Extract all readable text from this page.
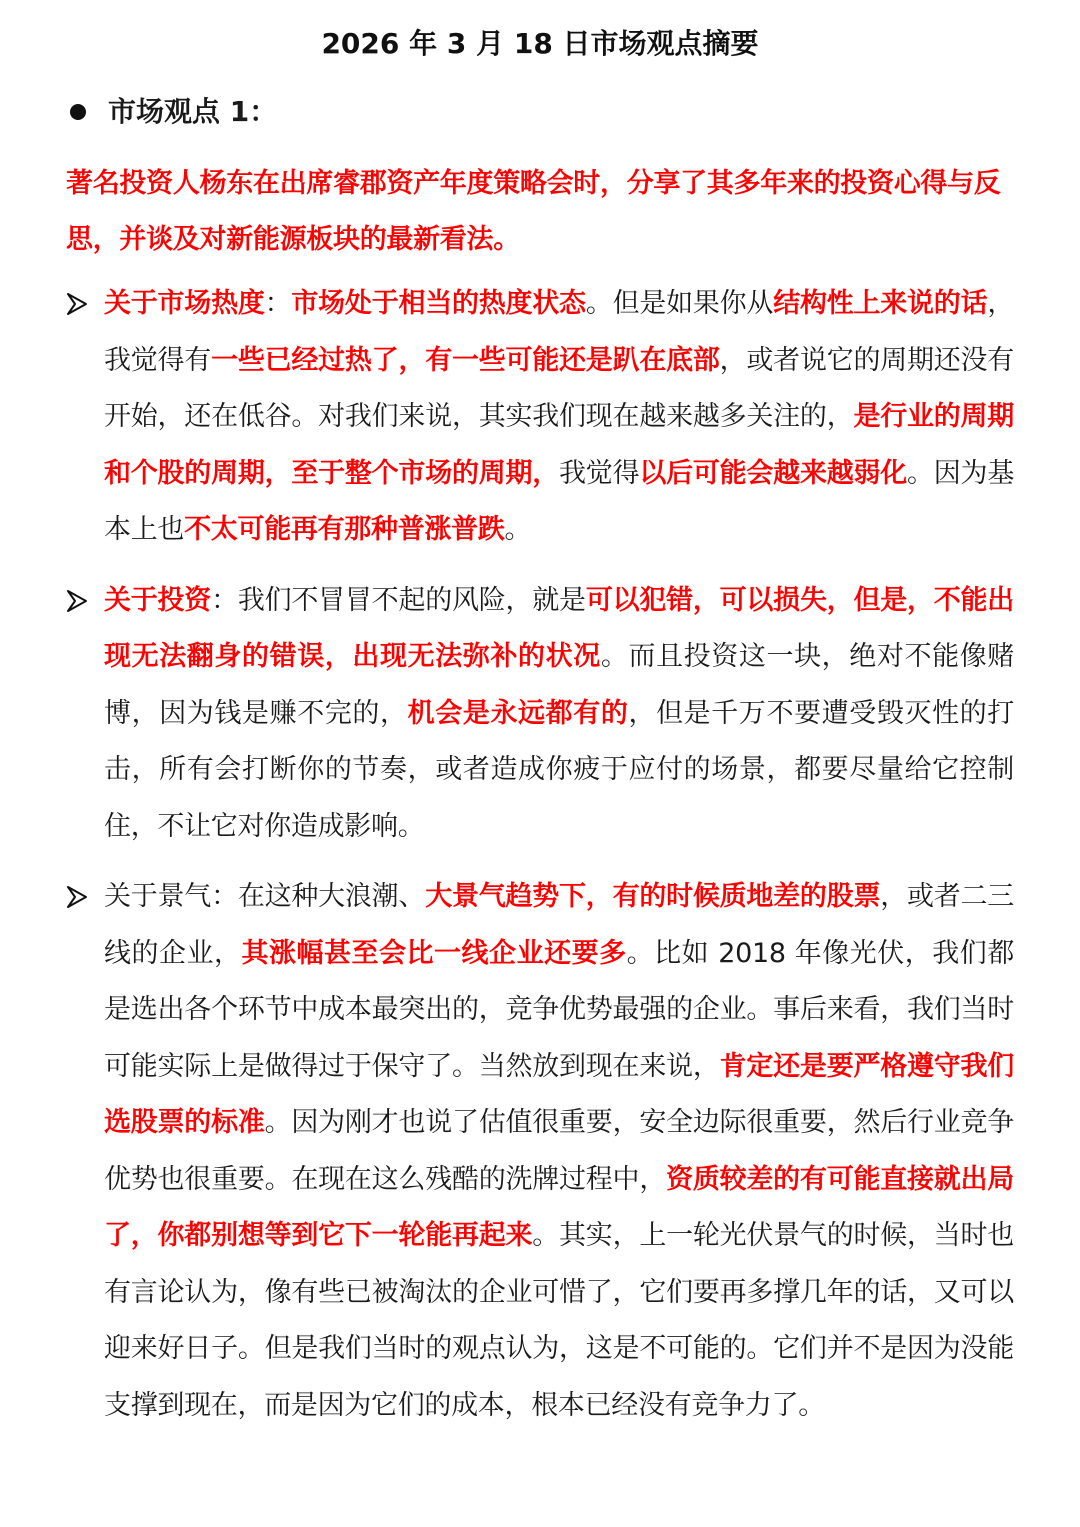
2026 年 3 月 18 日市场观点摘要
市场观点 1：
著名投资人杨东在出席睿郡资产年度策略会时，分享了其多年来的投资心得与反思，并谈及对新能源板块的最新看法。
关于市场热度：市场处于相当的热度状态。但是如果你从结构性上来说的话，我觉得有一些已经过热了，有一些可能还是趴在底部，或者说它的周期还没有开始，还在低谷。对我们来说，其实我们现在越来越多关注的，是行业的周期和个股的周期，至于整个市场的周期，我觉得以后可能会越来越弱化。因为基本上也不太可能再有那种普涨普跌。
关于投资：我们不冒冒不起的风险，就是可以犯错，可以损失，但是，不能出现无法翻身的错误，出现无法弥补的状况。而且投资这一块，绝对不能像赌博，因为钱是赚不完的，机会是永远都有的，但是千万不要遭受毁灭性的打击，所有会打断你的节奏，或者造成你疲于应付的场景，都要尽量给它控制住，不让它对你造成影响。
关于景气：在这种大浪潮、大景气趋势下，有的时候质地差的股票，或者二三线的企业，其涨幅甚至会比一线企业还要多。比如 2018 年像光伏，我们都是选出各个环节中成本最突出的，竞争优势最强的企业。事后来看，我们当时可能实际上是做得过于保守了。当然放到现在来说，肯定还是要严格遵守我们选股票的标准。因为刚才也说了估值很重要，安全边际很重要，然后行业竞争优势也很重要。在现在这么残酷的洗牌过程中，资质较差的有可能直接就出局了，你都别想等到它下一轮能再起来。其实，上一轮光伏景气的时候，当时也有言论认为，像有些已被淘汰的企业可惜了，它们要再多撑几年的话，又可以迎来好日子。但是我们当时的观点认为，这是不可能的。它们并不是因为没能支撑到现在，而是因为它们的成本，根本已经没有竞争力了。
